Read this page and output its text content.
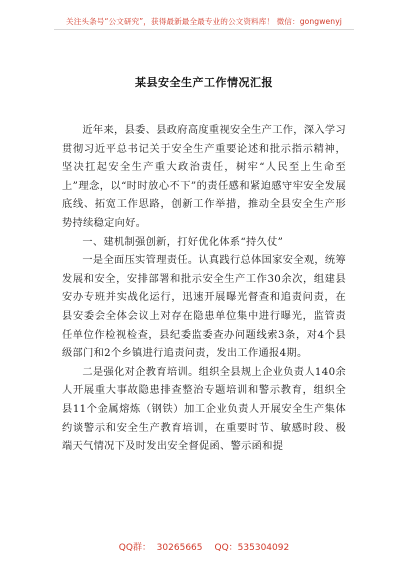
关注头条号“公文研究”，获得最新最全最专业的公文资料库！ 微信：gongwenyj
某县安全生产工作情况汇报

近年来，县委、县政府高度重视安全生产工作，深入学习贯彻习近平总书记关于安全生产重要论述和批示指示精神，坚决扛起安全生产重大政治责任，树牢“人民至上生命至上”理念，以“时时放心不下”的责任感和紧迫感守牢安全发展底线、拓宽工作思路，创新工作举措，推动全县安全生产形势持续稳定向好。

一、建机制强创新，打好优化体系“持久仗”

一是全面压实管理责任。认真践行总体国家安全观，统筹发展和安全，安排部署和批示安全生产工作30余次，组建县安办专班并实战化运行，迅速开展曝光督查和追责问责，在县安委会全体会议上对存在隐患单位集中进行曝光，监管责任单位作检视检查，县纪委监委查办问题线索3条，对4个县级部门和2个乡镇进行追责问责，发出工作通报4期。

二是强化对企教育培训。组织全县规上企业负责人140余人开展重大事故隐患排查整治专题培训和警示教育，组织全县11个金属熔炼（钢铁）加工企业负责人开展安全生产集体约谈警示和安全生产教育培训，在重要时节、敏感时段、极端天气情况下及时发出安全督促函、警示函和提

QQ群：  30265665 QQ：535304092
